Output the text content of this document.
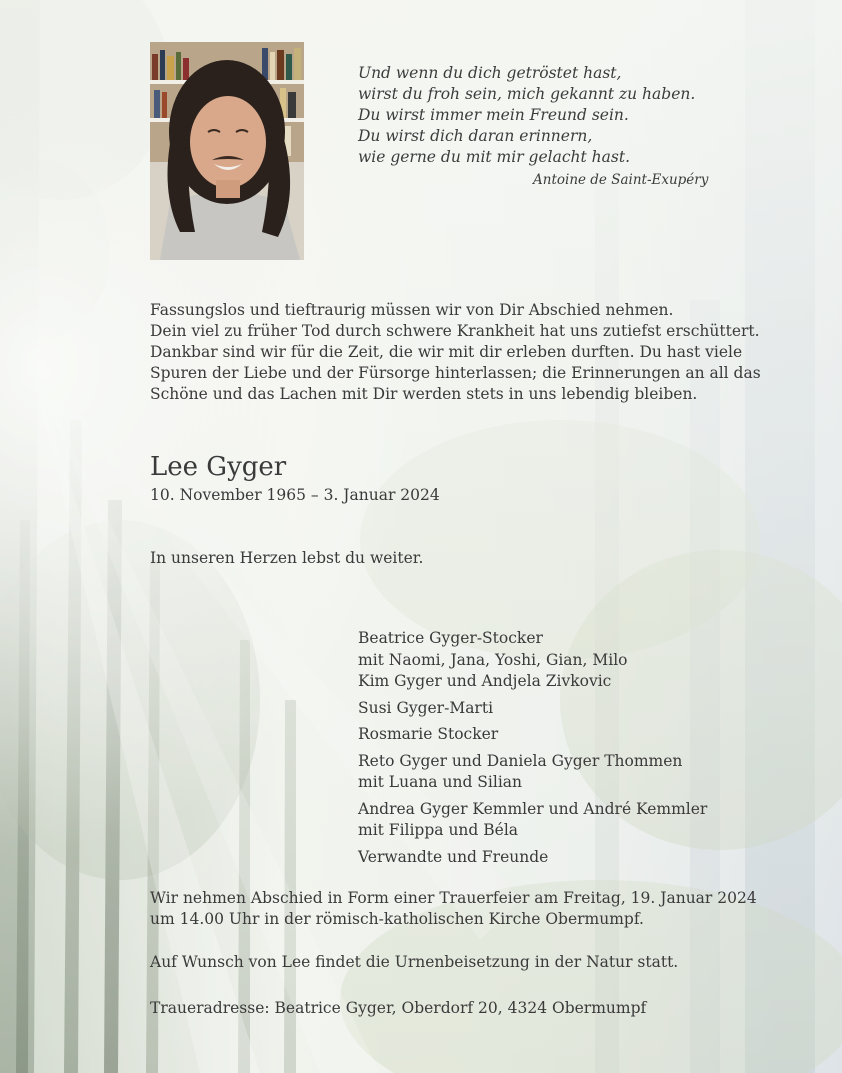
Und wenn du dich getröstet hast,
wirst du froh sein, mich gekannt zu haben.
Du wirst immer mein Freund sein.
Du wirst dich daran erinnern,
wie gerne du mit mir gelacht hast.
Antoine de Saint-Exupéry
Fassungslos und tieftraurig müssen wir von Dir Abschied nehmen.
Dein viel zu früher Tod durch schwere Krankheit hat uns zutiefst erschüttert.
Dankbar sind wir für die Zeit, die wir mit dir erleben durften. Du hast viele
Spuren der Liebe und der Fürsorge hinterlassen; die Erinnerungen an all das
Schöne und das Lachen mit Dir werden stets in uns lebendig bleiben.
Lee Gyger
10. November 1965 – 3. Januar 2024
In unseren Herzen lebst du weiter.
Beatrice Gyger-Stocker
mit Naomi, Jana, Yoshi, Gian, Milo
Kim Gyger und Andjela Zivkovic
Susi Gyger-Marti
Rosmarie Stocker
Reto Gyger und Daniela Gyger Thommen
mit Luana und Silian
Andrea Gyger Kemmler und André Kemmler
mit Filippa und Béla
Verwandte und Freunde
Wir nehmen Abschied in Form einer Trauerfeier am Freitag, 19. Januar 2024
um 14.00 Uhr in der römisch-katholischen Kirche Obermumpf.
Auf Wunsch von Lee findet die Urnenbeisetzung in der Natur statt.
Traueradresse: Beatrice Gyger, Oberdorf 20, 4324 Obermumpf
